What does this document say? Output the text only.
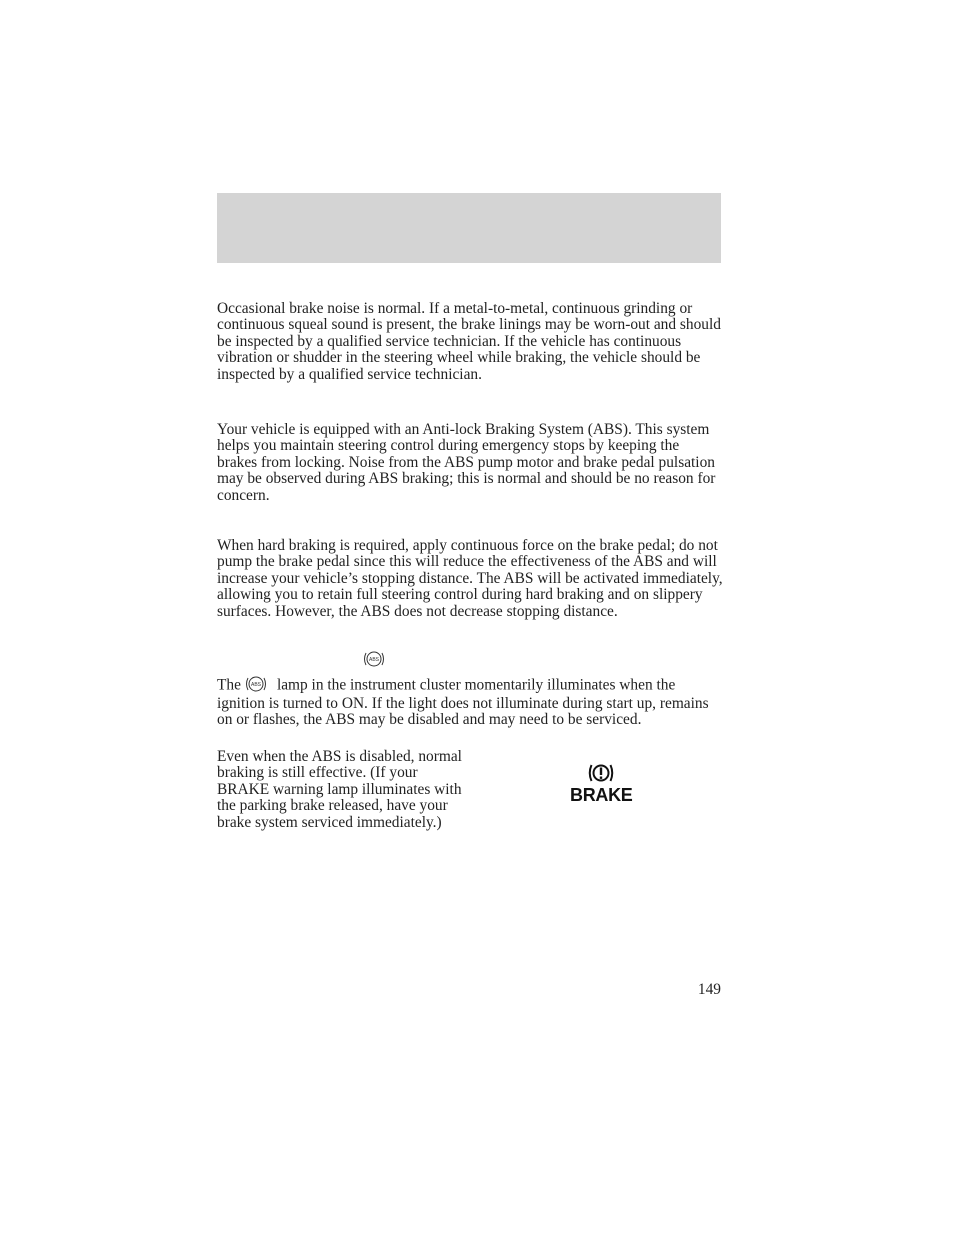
Occasional brake noise is normal. If a metal-to-metal, continuous grinding or continuous squeal sound is present, the brake linings may be worn-out and should be inspected by a qualified service technician. If the vehicle has continuous vibration or shudder in the steering wheel while braking, the vehicle should be inspected by a qualified service technician.

Your vehicle is equipped with an Anti-lock Braking System (ABS). This system helps you maintain steering control during emergency stops by keeping the brakes from locking. Noise from the ABS pump motor and brake pedal pulsation may be observed during ABS braking; this is normal and should be no reason for concern.

When hard braking is required, apply continuous force on the brake pedal; do not pump the brake pedal since this will reduce the effectiveness of the ABS and will increase your vehicle’s stopping distance. The ABS will be activated immediately, allowing you to retain full steering control during hard braking and on slippery surfaces. However, the ABS does not decrease stopping distance.

ABS

The ABS lamp in the instrument cluster momentarily illuminates when the ignition is turned to ON. If the light does not illuminate during start up, remains on or flashes, the ABS may be disabled and may need to be serviced.

Even when the ABS is disabled, normal braking is still effective. (If your BRAKE warning lamp illuminates with the parking brake released, have your brake system serviced immediately.)

BRAKE
149
